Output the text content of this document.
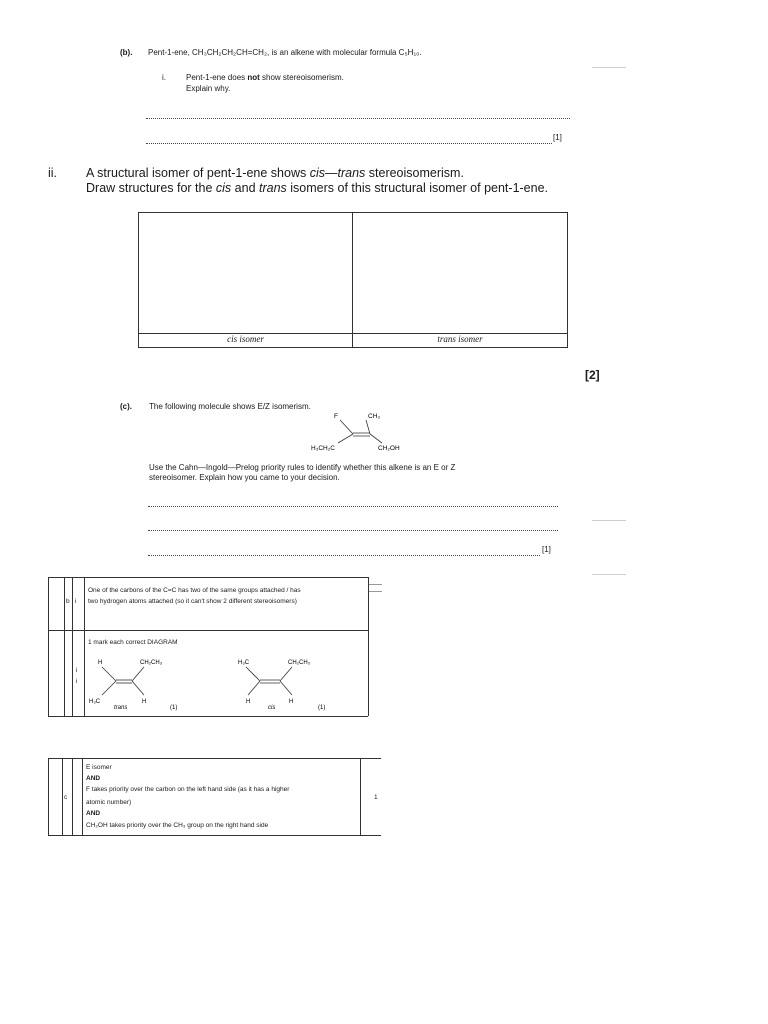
(b). Pent-1-ene, CH₃CH₂CH₂CH=CH₂, is an alkene with molecular formula C₅H₁₀.
i.	Pent-1-ene does not show stereoisomerism.
Explain why.
[1]
ii. A structural isomer of pent-1-ene shows cis—trans stereoisomerism.
Draw structures for the cis and trans isomers of this structural isomer of pent-1-ene.
cis isomer	trans isomer
[2]
(c). The following molecule shows E/Z isomerism.
F	CH₃
H₃CH₂C	CH₂OH
Use the Cahn—Ingold—Prelog priority rules to identify whether this alkene is an E or Z
stereoisomer. Explain how you came to your decision.
[1]
b i
One of the carbons of the C=C has two of the same groups attached / has
two hydrogen atoms attached (so it can't show 2 different stereoisomers)
i
i
1 mark each correct DIAGRAM
H	CH₂CH₃
H₃C	H
trans	(1)
H₃C	CH₂CH₃
H	H
cis	(1)
c
E isomer
AND
F takes priority over the carbon on the left hand side (as it has a higher
atomic number)
AND
CH₂OH takes priority over the CH₃ group on the right hand side
1
